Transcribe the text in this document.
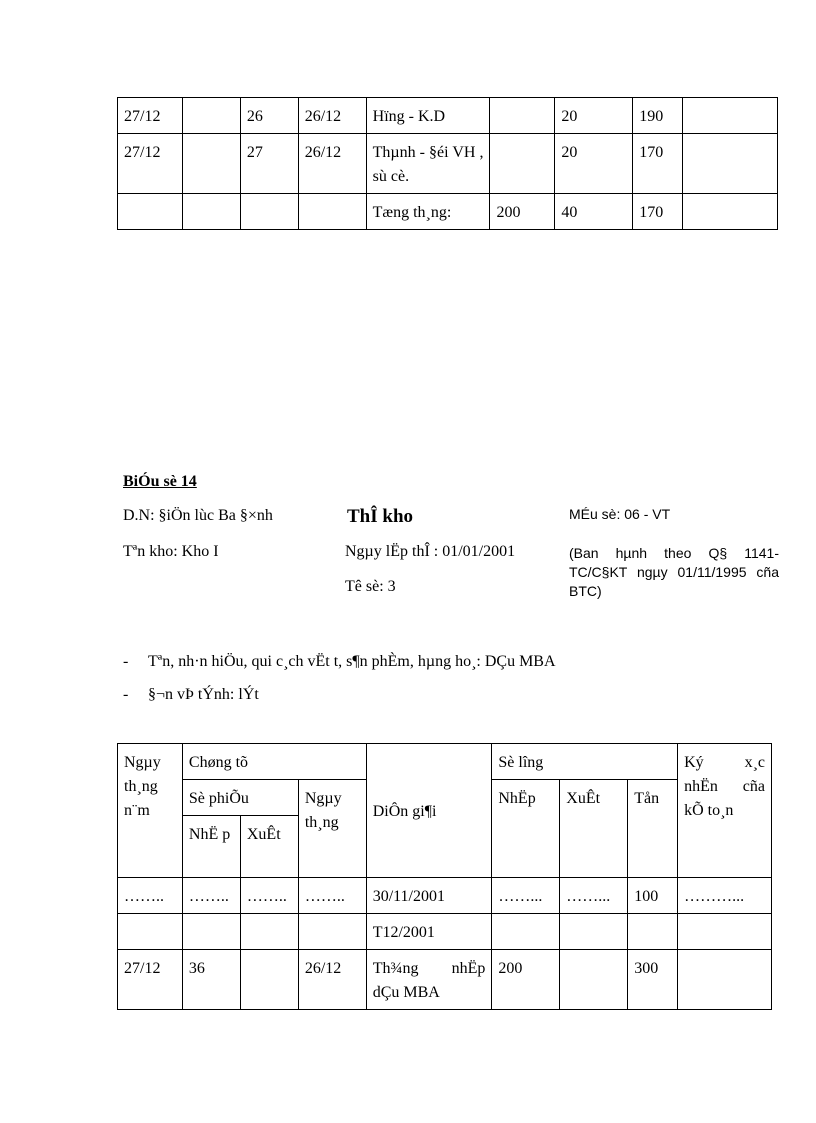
27/12		26	26/12	Hïng - K.D		20	190	
27/12		27	26/12	Thµnh - §éi VH , sù cè.		20	170	
				Tæng th¸ng:	200	40	170	
BiÓu sè 14
D.N: §iÖn lùc Ba §×nh	ThÎ kho	MÉu sè: 06 - VT
Tªn kho: Kho I	Ngµy lËp thÎ : 01/01/2001	(Ban hµnh theo Q§ 1141-TC/C§KT ngµy 01/11/1995 cña BTC)
Tê sè: 3
- Tªn, nh·n hiÖu, qui c¸ch vËt t, s¶n phÈm, hµng ho¸: DÇu MBA
- §¬n vÞ tÝnh: lÝt
Ngµy th¸ng n¨m	Chøng tõ			DiÔn gi¶i	Sè lîng			Ký x¸c nhËn cña kÕ to¸n
	Sè phiÕu		Ngµy th¸ng		NhËp	XuÊt	Tån	
	NhË p	XuÊt						
……..	……..	……..	……..	30/11/2001	……...	……...	100	………...
				T12/2001				
27/12	36		26/12	Th¾ng nhËp dÇu MBA	200		300	
